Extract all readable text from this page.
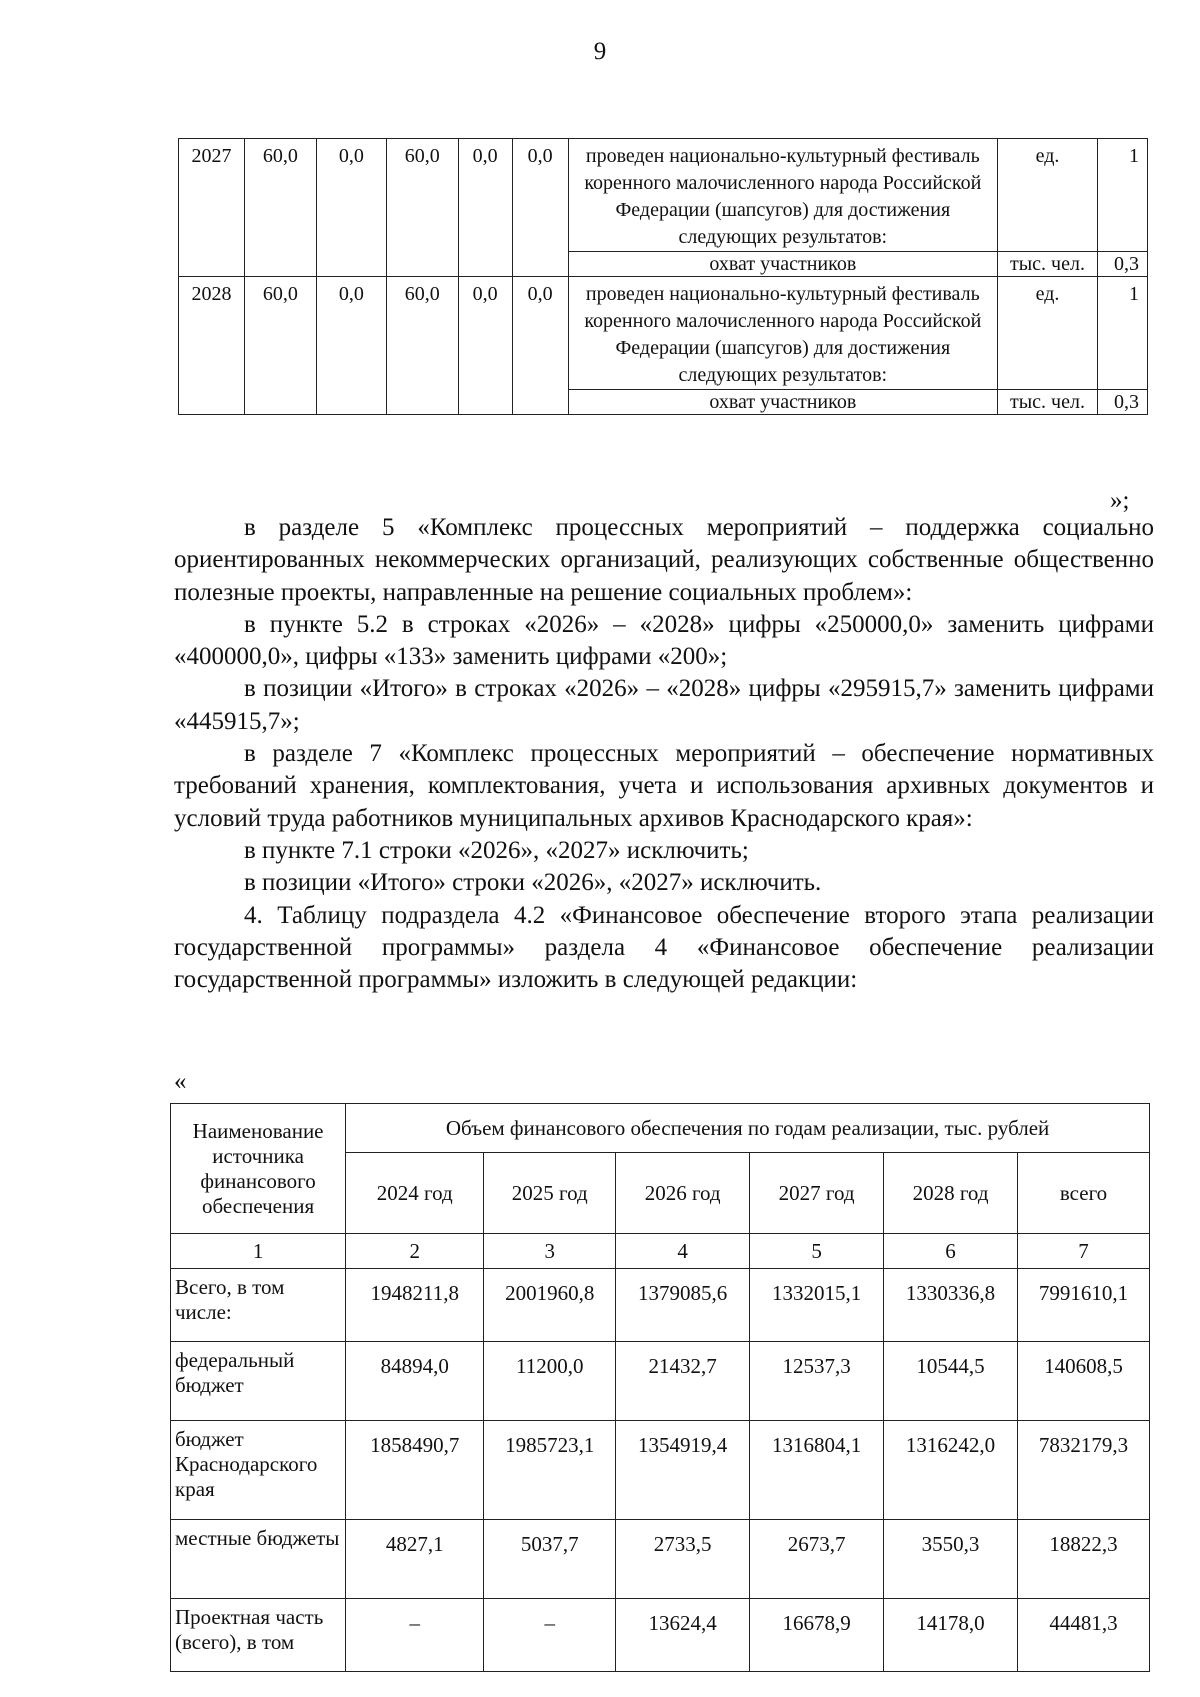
9
2027	60,0	0,0	60,0	0,0	0,0	проведен национально-культурный фестиваль коренного малочисленного народа Российской Федерации (шапсугов) для достижения следующих результатов:	ед.	1
						охват участников	тыс. чел.	0,3
2028	60,0	0,0	60,0	0,0	0,0	проведен национально-культурный фестиваль коренного малочисленного народа Российской Федерации (шапсугов) для достижения следующих результатов:	ед.	1
						охват участников	тыс. чел.	0,3
»;

в разделе 5 «Комплекс процессных мероприятий – поддержка социально ориентированных некоммерческих организаций, реализующих собственные общественно полезные проекты, направленные на решение социальных проблем»:

в пункте 5.2 в строках «2026» – «2028» цифры «250000,0» заменить цифрами «400000,0», цифры «133» заменить цифрами «200»;

в позиции «Итого» в строках «2026» – «2028» цифры «295915,7» заменить цифрами «445915,7»;

в разделе 7 «Комплекс процессных мероприятий – обеспечение нормативных требований хранения, комплектования, учета и использования архивных документов и условий труда работников муниципальных архивов Краснодарского края»:

в пункте 7.1 строки «2026», «2027» исключить;

в позиции «Итого» строки «2026», «2027» исключить.

4. Таблицу подраздела 4.2 «Финансовое обеспечение второго этапа реализации государственной программы» раздела 4 «Финансовое обеспечение реализации государственной программы» изложить в следующей редакции:

«
Наименование источника финансового обеспечения	Объем финансового обеспечения по годам реализации, тыс. рублей					
	2024 год	2025 год	2026 год	2027 год	2028 год	всего
1	2	3	4	5	6	7
Всего, в том числе:	1948211,8	2001960,8	1379085,6	1332015,1	1330336,8	7991610,1
федеральный бюджет	84894,0	11200,0	21432,7	12537,3	10544,5	140608,5
бюджет Краснодарского края	1858490,7	1985723,1	1354919,4	1316804,1	1316242,0	7832179,3
местные бюджеты	4827,1	5037,7	2733,5	2673,7	3550,3	18822,3
Проектная часть (всего), в том	–	–	13624,4	16678,9	14178,0	44481,3
